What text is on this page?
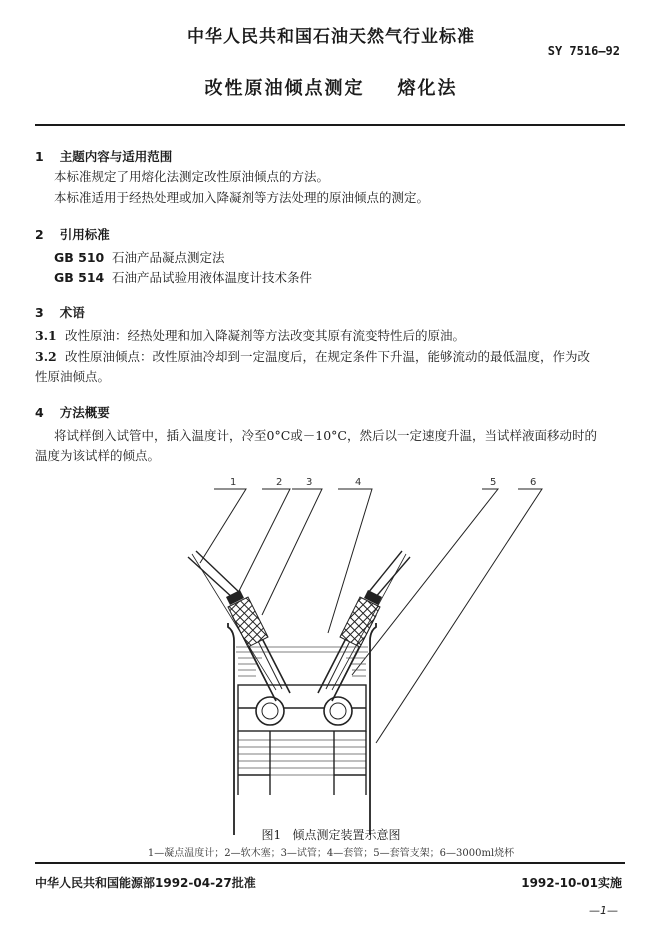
中华人民共和国石油天然气行业标准
SY 7516—92
改性原油倾点测定    熔化法
1 主题内容与适用范围
本标准规定了用熔化法测定改性原油倾点的方法。
本标准适用于经热处理或加入降凝剂等方法处理的原油倾点的测定。
2 引用标准
GB 510 石油产品凝点测定法
GB 514 石油产品试验用液体温度计技术条件
3 术语
3.1 改性原油：经热处理和加入降凝剂等方法改变其原有流变特性后的原油。
3.2 改性原油倾点：改性原油冷却到一定温度后，在规定条件下升温，能够流动的最低温度，作为改
性原油倾点。
4 方法概要
将试样倒入试管中，插入温度计，冷至0°C或－10°C，然后以一定速度升温，当试样液面移动时的
温度为该试样的倾点。
1	2 3	4	5	6
图1   倾点测定装置示意图
1—凝点温度计；2—软木塞；3—试管；4—套管；5—套管支架；6—3000ml烧杯
中华人民共和国能源部1992-04-27批准	1992-10-01实施
—1—
